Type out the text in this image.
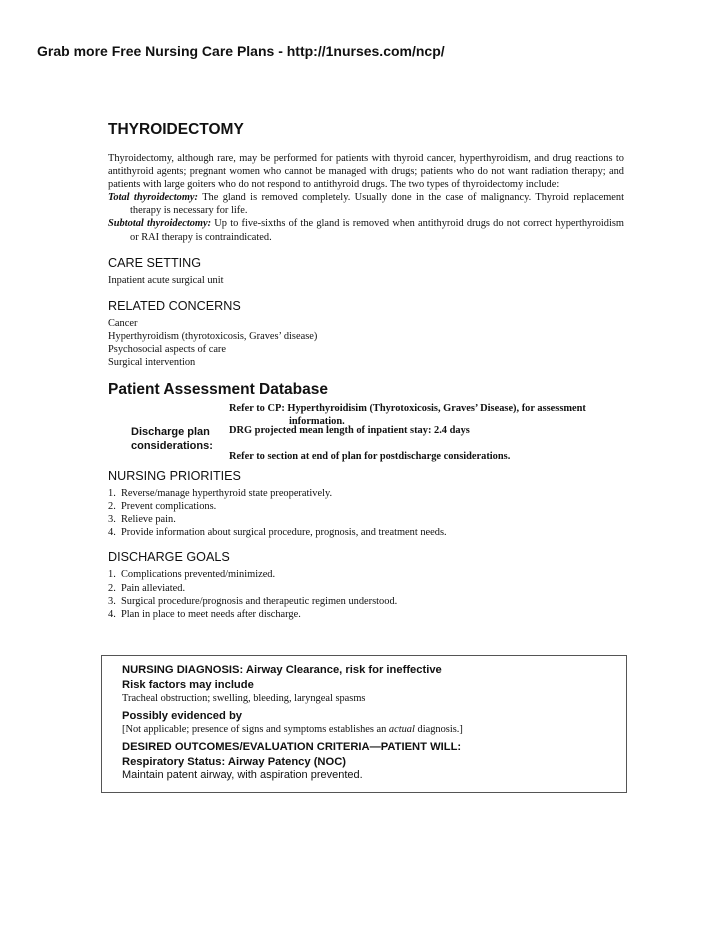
Grab more Free Nursing Care Plans - http://1nurses.com/ncp/
THYROIDECTOMY

Thyroidectomy, although rare, may be performed for patients with thyroid cancer, hyperthyroidism, and drug reactions to antithyroid agents; pregnant women who cannot be managed with drugs; patients who do not want radiation therapy; and patients with large goiters who do not respond to antithyroid drugs. The two types of thyroidectomy include:

Total thyroidectomy: The gland is removed completely. Usually done in the case of malignancy. Thyroid replacement therapy is necessary for life.

Subtotal thyroidectomy: Up to five-sixths of the gland is removed when antithyroid drugs do not correct hyperthyroidism or RAI therapy is contraindicated.

CARE SETTING
Inpatient acute surgical unit
RELATED CONCERNS
Cancer
Hyperthyroidism (thyrotoxicosis, Graves’ disease)
Psychosocial aspects of care
Surgical intervention
Patient Assessment Database
Refer to CP: Hyperthyroidisim (Thyrotoxicosis, Graves’ Disease), for assessment
information.
Discharge plan
considerations:
DRG projected mean length of inpatient stay: 2.4 days
Refer to section at end of plan for postdischarge considerations.
NURSING PRIORITIES
1. Reverse/manage hyperthyroid state preoperatively.
2. Prevent complications.
3. Relieve pain.
4. Provide information about surgical procedure, prognosis, and treatment needs.
DISCHARGE GOALS
1. Complications prevented/minimized.
2. Pain alleviated.
3. Surgical procedure/prognosis and therapeutic regimen understood.
4. Plan in place to meet needs after discharge.
NURSING DIAGNOSIS: Airway Clearance, risk for ineffective
Risk factors may include
Tracheal obstruction; swelling, bleeding, laryngeal spasms
Possibly evidenced by
[Not applicable; presence of signs and symptoms establishes an actual diagnosis.]
DESIRED OUTCOMES/EVALUATION CRITERIA—PATIENT WILL:
Respiratory Status: Airway Patency (NOC)
Maintain patent airway, with aspiration prevented.
